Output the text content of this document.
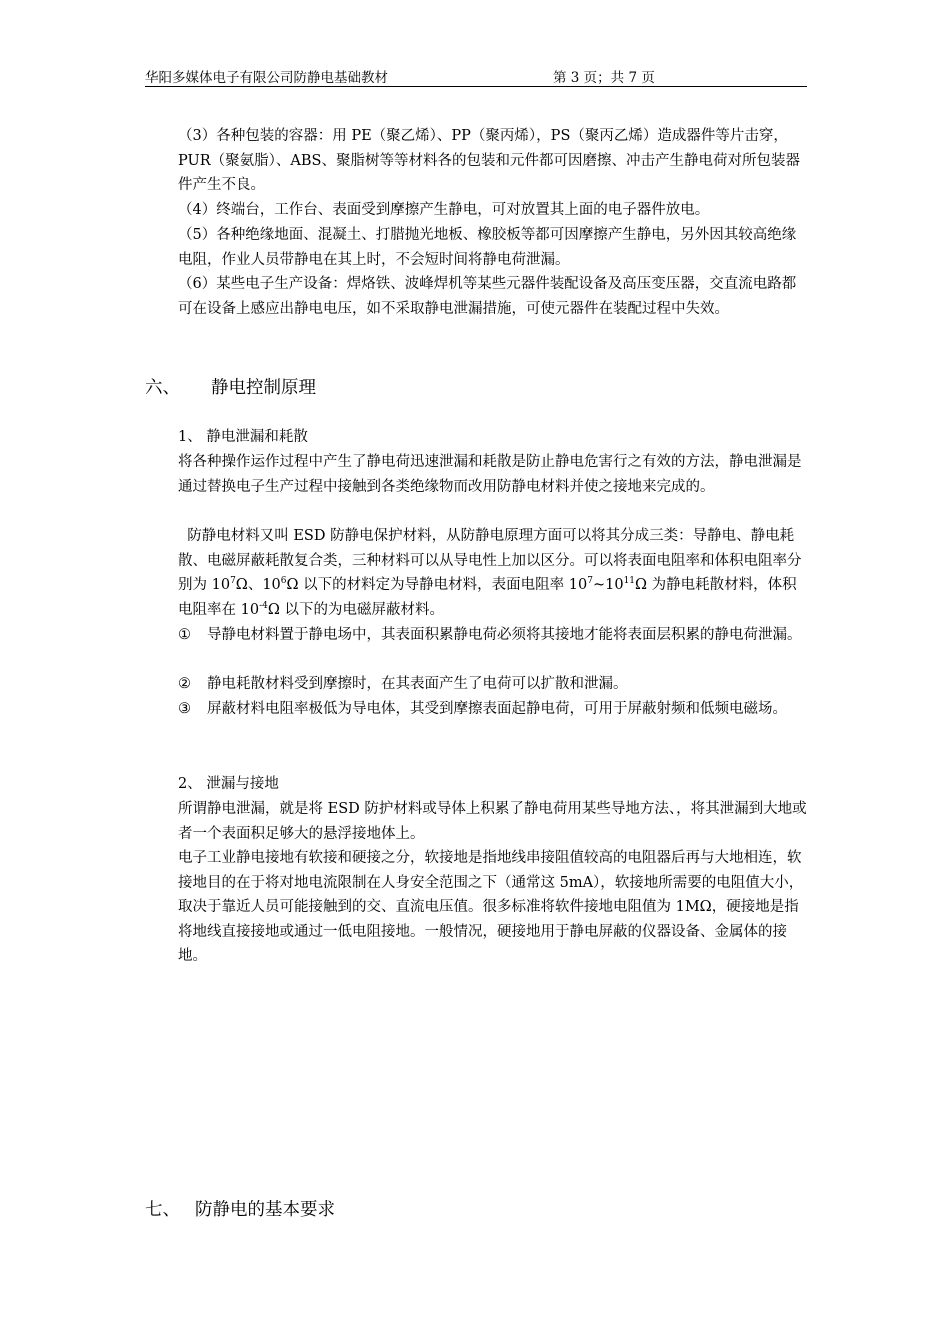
华阳多媒体电子有限公司防静电基础教材	第 3 页；共 7 页
（3）各种包装的容器：用 PE（聚乙烯）、PP（聚丙烯），PS（聚丙乙烯）造成器件等片击穿，PUR（聚氨脂）、ABS、聚脂树等等材料各的包装和元件都可因磨擦、冲击产生静电荷对所包装器件产生不良。
（4）终端台，工作台、表面受到摩擦产生静电，可对放置其上面的电子器件放电。
（5）各种绝缘地面、混凝土、打腊抛光地板、橡胶板等都可因摩擦产生静电，另外因其较高绝缘电阻，作业人员带静电在其上时，不会短时间将静电荷泄漏。
（6）某些电子生产设备：焊烙铁、波峰焊机等某些元器件装配设备及高压变压器，交直流电路都可在设备上感应出静电电压，如不采取静电泄漏措施，可使元器件在装配过程中失效。
六、 静电控制原理
1、 静电泄漏和耗散
将各种操作运作过程中产生了静电荷迅速泄漏和耗散是防止静电危害行之有效的方法，静电泄漏是通过替换电子生产过程中接触到各类绝缘物而改用防静电材料并使之接地来完成的。
防静电材料又叫 ESD 防静电保护材料，从防静电原理方面可以将其分成三类：导静电、静电耗散、电磁屏蔽耗散复合类，三种材料可以从导电性上加以区分。可以将表面电阻率和体积电阻率分别为 $10^7\Omega$、$10^6\Omega$ 以下的材料定为导静电材料，表面电阻率 $10^7\sim 10^{11}\Omega$ 为静电耗散材料，体积电阻率在 $10^{-4}\Omega$ 以下的为电磁屏蔽材料。
① 导静电材料置于静电场中，其表面积累静电荷必须将其接地才能将表面层积累的静电荷泄漏。
② 静电耗散材料受到摩擦时，在其表面产生了电荷可以扩散和泄漏。
③ 屏蔽材料电阻率极低为导电体，其受到摩擦表面起静电荷，可用于屏蔽射频和低频电磁场。
2、 泄漏与接地
所谓静电泄漏，就是将 ESD 防护材料或导体上积累了静电荷用某些导地方法、，将其泄漏到大地或者一个表面积足够大的悬浮接地体上。
电子工业静电接地有软接和硬接之分，软接地是指地线串接阻值较高的电阻器后再与大地相连，软接地目的在于将对地电流限制在人身安全范围之下（通常这 5mA），软接地所需要的电阻值大小，取决于靠近人员可能接触到的交、直流电压值。很多标准将软件接地电阻值为 1MΩ，硬接地是指将地线直接接地或通过一低电阻接地。一般情况，硬接地用于静电屏蔽的仪器设备、金属体的接地。
七、 防静电的基本要求
